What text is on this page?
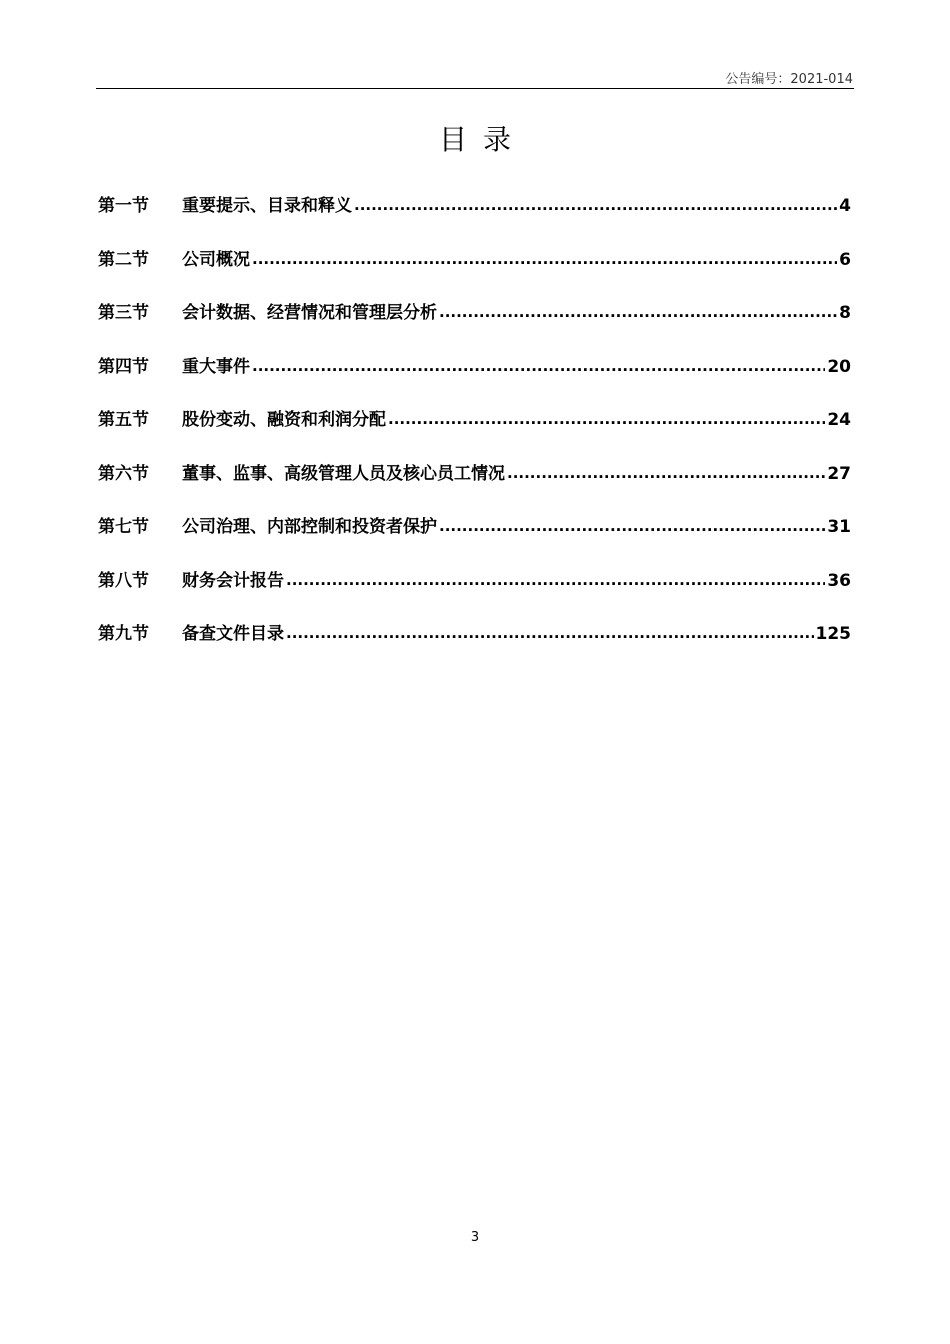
公告编号：2021-014
目录
第一节	重要提示、目录和释义 .....	4
第二节	公司概况 .....	6
第三节	会计数据、经营情况和管理层分析 .....	8
第四节	重大事件 .....	20
第五节	股份变动、融资和利润分配 .....	24
第六节	董事、监事、高级管理人员及核心员工情况 .....	27
第七节	公司治理、内部控制和投资者保护 .....	31
第八节	财务会计报告 .....	36
第九节	备查文件目录 .....	125
3
